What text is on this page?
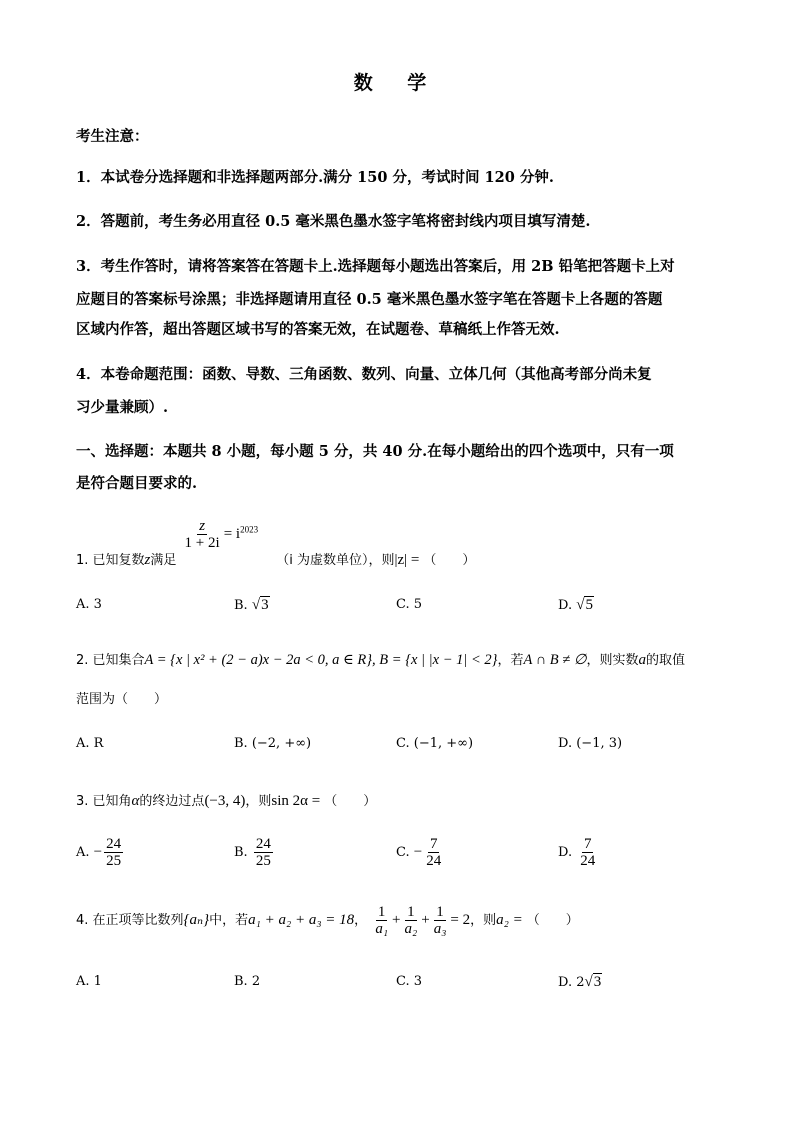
数 学
考生注意：
1．本试卷分选择题和非选择题两部分.满分 150 分，考试时间 120 分钟.
2．答题前，考生务必用直径 0.5 毫米黑色墨水签字笔将密封线内项目填写清楚.
3．考生作答时，请将答案答在答题卡上.选择题每小题选出答案后，用 2B 铅笔把答题卡上对
应题目的答案标号涂黑；非选择题请用直径 0.5 毫米黑色墨水签字笔在答题卡上各题的答题
区域内作答，超出答题区域书写的答案无效，在试题卷、草稿纸上作答无效.
4．本卷命题范围：函数、导数、三角函数、数列、向量、立体几何（其他高考部分尚未复
习少量兼顾）.
一、选择题：本题共 8 小题，每小题 5 分，共 40 分.在每小题给出的四个选项中，只有一项
是符合题目要求的.
1. 已知复数z满足
$\frac{z}{1 + 2i} = i^{2023}$ （i 为虚数单位），则|z| = （　　）
A. 3	B. √3	C. 5	D. √5
2. 已知集合A = {x | x² + (2 − a)x − 2a < 0, a ∈ R}, B = {x | |x − 1| < 2}，若A ∩ B ≠ ∅，则实数a的取值
范围为（　　）
A. R	B. (−2, +∞)	C. (−1, +∞)	D. (−1, 3)
3. 已知角α的终边过点(−3, 4)，则sin 2α = （　　）
A. − $\frac{24}{25}$	B. $\frac{24}{25}$	C. − $\frac{7}{24}$	D. $\frac{7}{24}$
4. 在正项等比数列{aₙ}中，若a₁ + a₂ + a₃ = 18， $\frac{1}{\text{a₁}} + \frac{1}{\text{a₂}} + \frac{1}{\text{a₃}} = 2$，则a₂ = （　　）
A. 1	B. 2	C. 3	D. 2√3
